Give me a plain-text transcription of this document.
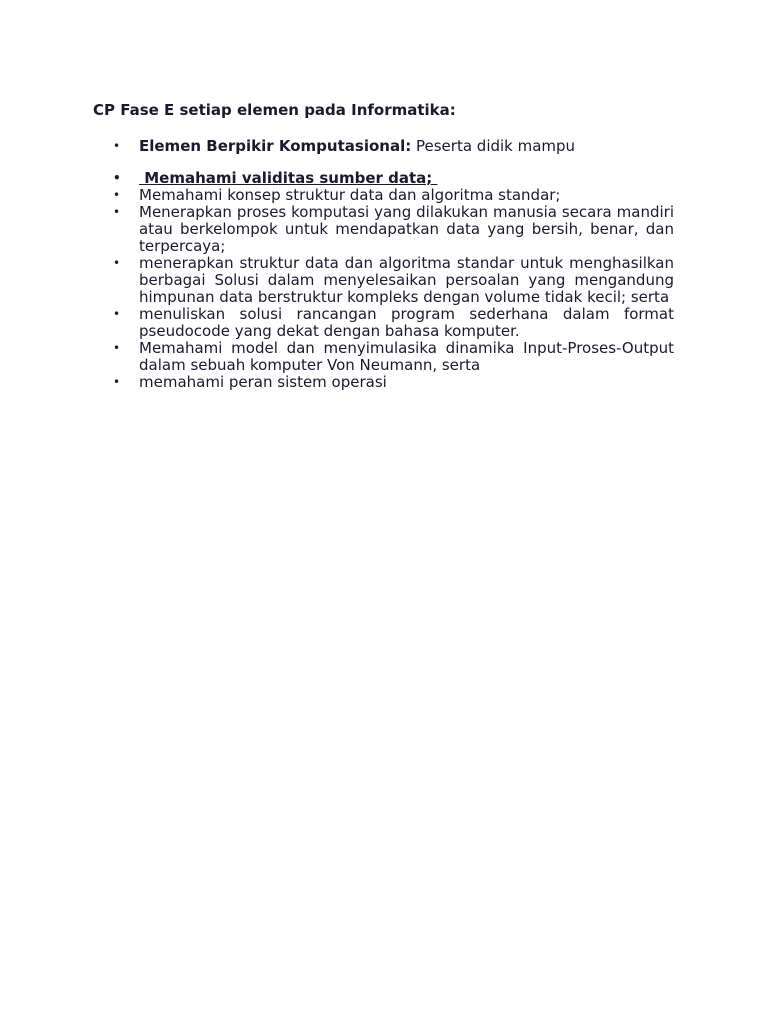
CP Fase E setiap elemen pada Informatika:
• Elemen Berpikir Komputasional: Peserta didik mampu
• Memahami validitas sumber data;
• Memahami konsep struktur data dan algoritma standar;
• Menerapkan proses komputasi yang dilakukan manusia secara mandiri atau berkelompok untuk mendapatkan data yang bersih, benar, dan terpercaya;
• menerapkan struktur data dan algoritma standar untuk menghasilkan berbagai Solusi dalam menyelesaikan persoalan yang mengandung himpunan data berstruktur kompleks dengan volume tidak kecil; serta
• menuliskan solusi rancangan program sederhana dalam format pseudocode yang dekat dengan bahasa komputer.
• Memahami model dan menyimulasika dinamika Input-Proses-Output dalam sebuah komputer Von Neumann, serta
• memahami peran sistem operasi
